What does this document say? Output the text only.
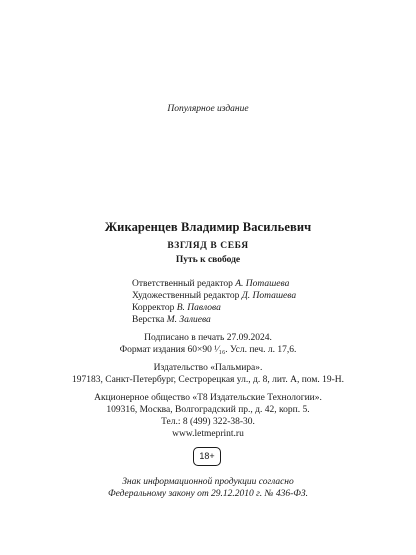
Популярное издание
Жикаренцев Владимир Васильевич
ВЗГЛЯД В СЕБЯ
Путь к свободе
Ответственный редактор А. Поташева
Художественный редактор Д. Поташева
Корректор В. Павлова
Верстка М. Залиева
Подписано в печать 27.09.2024.
Формат издания 60×90 ¹⁄₁₆. Усл. печ. л. 17,6.
Издательство «Пальмира».
197183, Санкт-Петербург, Сестрорецкая ул., д. 8, лит. А, пом. 19-Н.
Акционерное общество «Т8 Издательские Технологии».
109316, Москва, Волгоградский пр., д. 42, корп. 5.
Тел.: 8 (499) 322-38-30.
www.letmeprint.ru
18+
Знак информационной продукции согласно
Федеральному закону от 29.12.2010 г. № 436-ФЗ.
